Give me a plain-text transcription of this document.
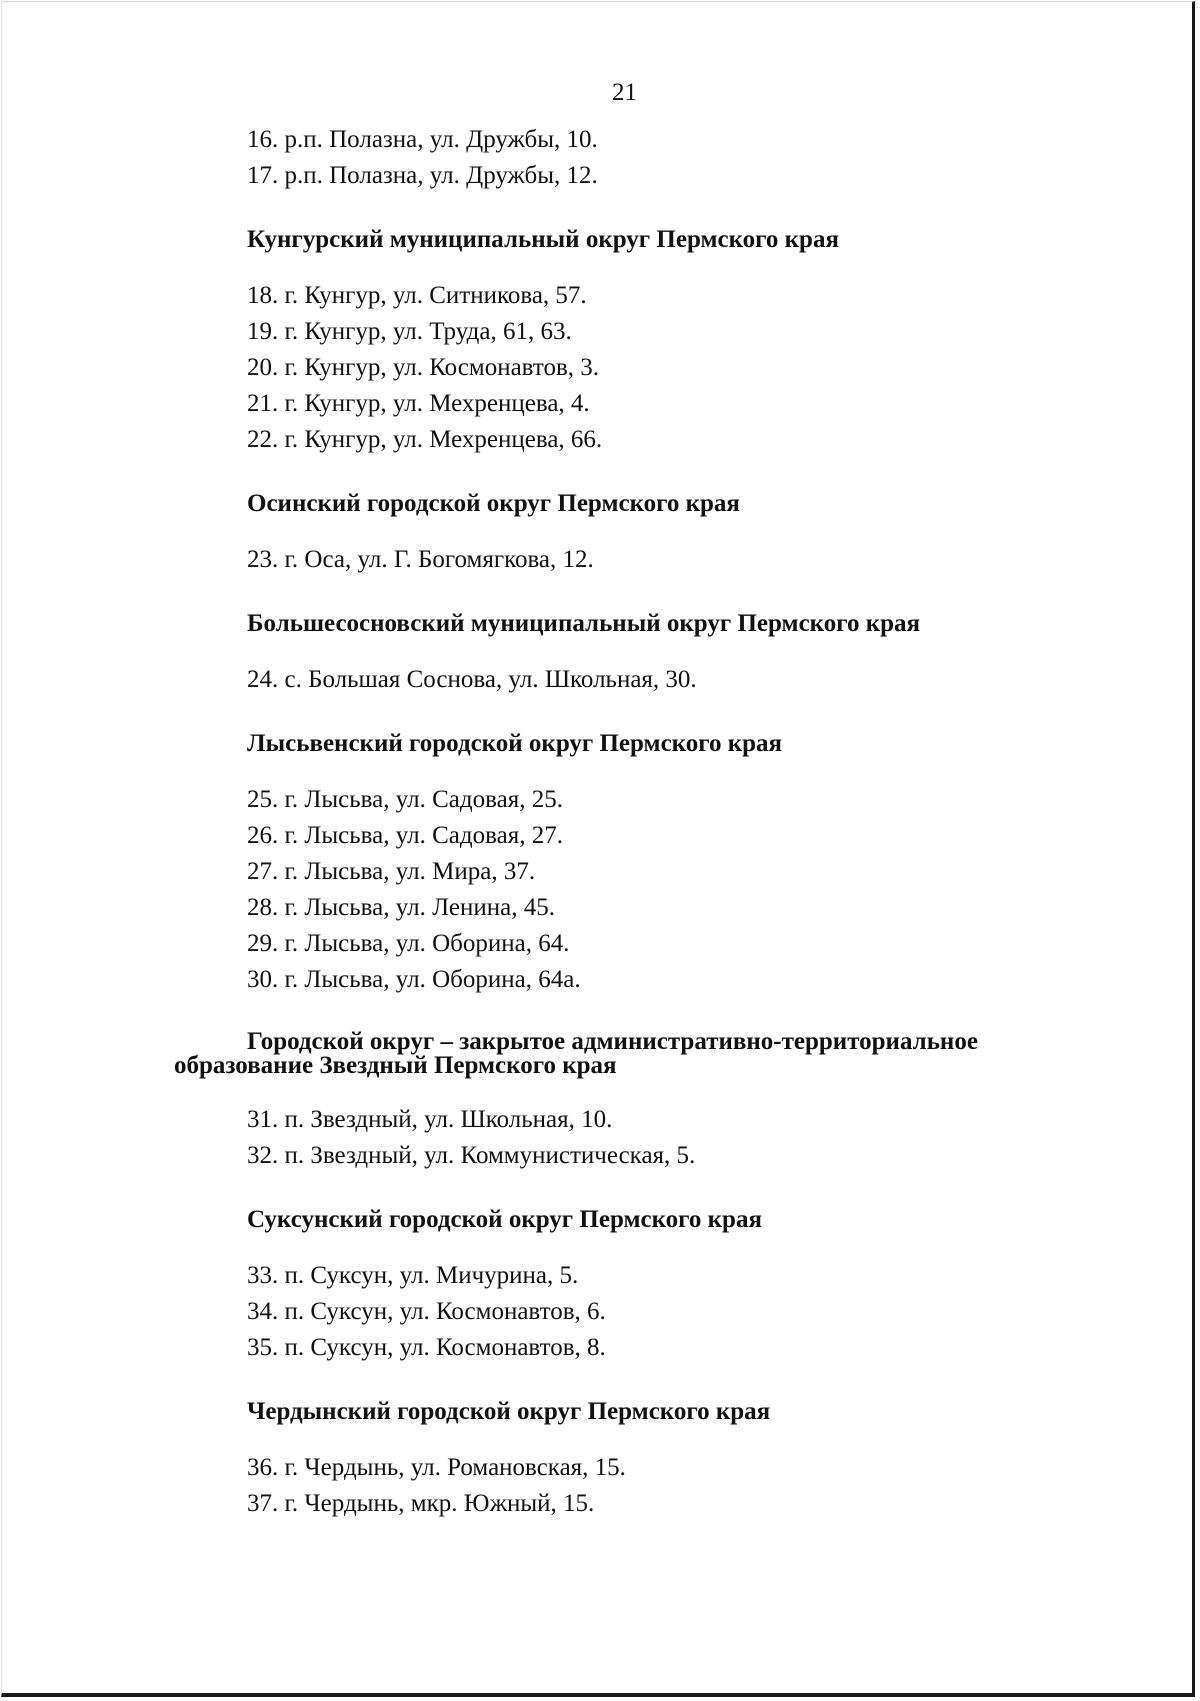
21
16. р.п. Полазна, ул. Дружбы, 10.
17. р.п. Полазна, ул. Дружбы, 12.
Кунгурский муниципальный округ Пермского края
18. г. Кунгур, ул. Ситникова, 57.
19. г. Кунгур, ул. Труда, 61, 63.
20. г. Кунгур, ул. Космонавтов, 3.
21. г. Кунгур, ул. Мехренцева, 4.
22. г. Кунгур, ул. Мехренцева, 66.
Осинский городской округ Пермского края
23. г. Оса, ул. Г. Богомягкова, 12.
Большесосновский муниципальный округ Пермского края
24. с. Большая Соснова, ул. Школьная, 30.
Лысьвенский городской округ Пермского края
25. г. Лысьва, ул. Садовая, 25.
26. г. Лысьва, ул. Садовая, 27.
27. г. Лысьва, ул. Мира, 37.
28. г. Лысьва, ул. Ленина, 45.
29. г. Лысьва, ул. Оборина, 64.
30. г. Лысьва, ул. Оборина, 64а.
Городской округ – закрытое административно-территориальное образование Звездный Пермского края
31. п. Звездный, ул. Школьная, 10.
32. п. Звездный, ул. Коммунистическая, 5.
Суксунский городской округ Пермского края
33. п. Суксун, ул. Мичурина, 5.
34. п. Суксун, ул. Космонавтов, 6.
35. п. Суксун, ул. Космонавтов, 8.
Чердынский городской округ Пермского края
36. г. Чердынь, ул. Романовская, 15.
37. г. Чердынь, мкр. Южный, 15.
